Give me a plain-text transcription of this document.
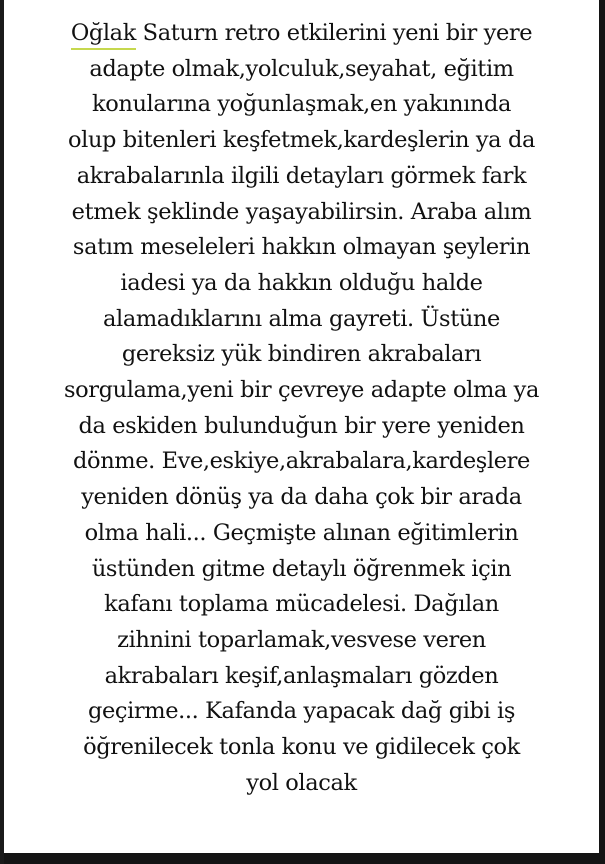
Oğlak
Saturn retro etkilerini yeni bir yere
adapte olmak,yolculuk,seyahat, eğitim
konularına yoğunlaşmak,en yakınında
olup bitenleri keşfetmek,kardeşlerin ya da
akrabalarınla ilgili detayları görmek fark
etmek şeklinde yaşayabilirsin. Araba alım
satım meseleleri hakkın olmayan şeylerin
iadesi ya da hakkın olduğu halde
alamadıklarını alma gayreti. Üstüne
gereksiz yük bindiren akrabaları
sorgulama,yeni bir çevreye adapte olma ya
da eskiden bulunduğun bir yere yeniden
dönme. Eve,eskiye,akrabalara,kardeşlere
yeniden dönüş ya da daha çok bir arada
olma hali... Geçmişte alınan eğitimlerin
üstünden gitme detaylı öğrenmek için
kafanı toplama mücadelesi. Dağılan
zihnini toparlamak,vesvese veren
akrabaları keşif,anlaşmaları gözden
geçirme... Kafanda yapacak dağ gibi iş
öğrenilecek tonla konu ve gidilecek çok
yol olacak
